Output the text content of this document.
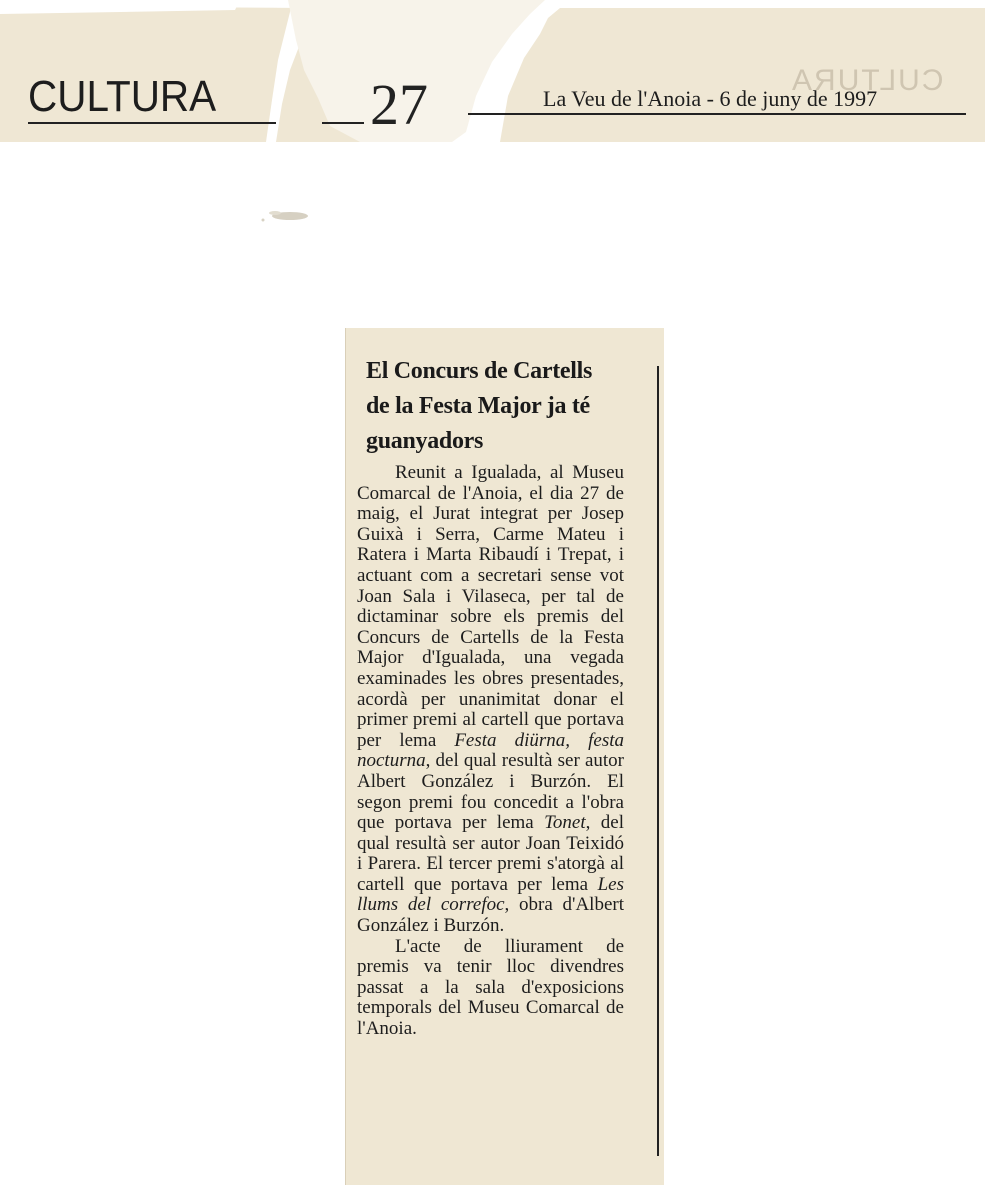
CULTURA
CULTURA	27	La Veu de l'Anoia - 6 de juny de 1997
El Concurs de Cartells
de la Festa Major ja té
guanyadors

Reunit a Igualada, al Museu Comarcal de l'Anoia, el dia 27 de maig, el Jurat integrat per Josep Guixà i Serra, Carme Mateu i Ratera i Marta Ribaudí i Trepat, i actuant com a secretari sense vot Joan Sala i Vilaseca, per tal de dictaminar sobre els premis del Concurs de Cartells de la Festa Major d'Igualada, una vegada examinades les obres presentades, acordà per unanimitat donar el primer premi al cartell que portava per lema Festa diürna, festa nocturna, del qual resultà ser autor Albert González i Burzón. El segon premi fou concedit a l'obra que portava per lema Tonet, del qual resultà ser autor Joan Teixidó i Parera. El tercer premi s'atorgà al cartell que portava per lema Les llums del correfoc, obra d'Albert González i Burzón.

L'acte de lliurament de premis va tenir lloc divendres passat a la sala d'exposicions temporals del Museu Comarcal de l'Anoia.
